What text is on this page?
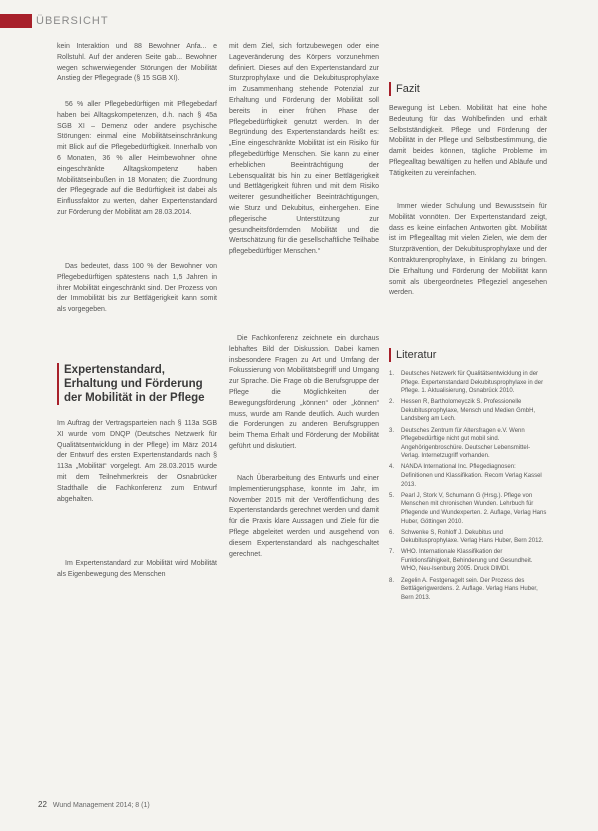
ÜBERSICHT

kein Interaktion und 88 Bewohner Anfa... e Rollstuhl. Auf der anderen Seite gab... Bewohner wegen schwerwiegender Störungen der Mobilität Anstieg der Pflegegrade (§ 15 SGB XI).

56 % aller Pflegebedürftigen mit Pflegebedarf haben bei Alltagskompetenzen, d.h. nach § 45a SGB XI – Demenz oder andere psychische Störungen: einmal eine Mobilitätseinschränkung mit Blick auf die Pflegebedürftigkeit. Innerhalb von 6 Monaten, 36 % aller Heimbewohner ohne eingeschränkte Alltagskompetenz haben Mobilitätseinbußen in 18 Monaten; die Zuordnung der Pflegegrade auf die Bedürftigkeit ist dabei als Einflussfaktor zu werten, daher Expertenstandard zur Förderung der Mobilität am 28.03.2014.

Das bedeutet, dass 100 % der Bewohner von Pflegebedürftigen spätestens nach 1,5 Jahren in ihrer Mobilität eingeschränkt sind. Der Prozess von der Immobilität bis zur Bettlägerigkeit kann somit als vorgegeben.

Expertenstandard, Erhaltung und Förderung der Mobilität in der Pflege

Im Auftrag der Vertragsparteien nach § 113a SGB XI wurde vom DNQP (Deutsches Netzwerk für Qualitätsentwicklung in der Pflege) im März 2014 der Entwurf des ersten Expertenstandards nach § 113a „Mobilität“ vorgelegt. Am 28.03.2015 wurde mit dem Teilnehmerkreis der Osnabrücker Stadthalle die Fachkonferenz zum Entwurf abgehalten.

Im Expertenstandard zur Mobilität wird Mobilität als Eigenbewegung des Menschen

mit dem Ziel, sich fortzubewegen oder eine Lageveränderung des Körpers vorzunehmen definiert. Dieses auf den Expertenstandard zur Sturzprophylaxe und die Dekubitusprophylaxe im Zusammenhang stehende Potenzial zur Erhaltung und Förderung der Mobilität soll bereits in einer frühen Phase der Pflegebedürftigkeit genutzt werden. In der Begründung des Expertenstandards heißt es: „Eine eingeschränkte Mobilität ist ein Risiko für pflegebedürftige Menschen. Sie kann zu einer erheblichen Beeinträchtigung der Lebensqualität bis hin zu einer Bettlägerigkeit und Bettlägerigkeit führen und mit dem Risiko weiterer gesundheitlicher Beeinträchtigungen, wie Sturz und Dekubitus, einhergehen. Eine pflegerische Unterstützung zur gesundheitsfördernden Mobilität und die Wertschätzung für die gesellschaftliche Teilhabe pflegebedürftiger Menschen.“

Die Fachkonferenz zeichnete ein durchaus lebhaftes Bild der Diskussion. Dabei kamen insbesondere Fragen zu Art und Umfang der Fokussierung von Mobilitätsbegriff und Umgang zur Sprache. Die Frage ob die Berufsgruppe der Pflege die Möglichkeiten der Bewegungsförderung „können“ oder „können“ muss, wurde am Rande deutlich. Auch wurden die Forderungen zu anderen Berufsgruppen beim Thema Erhalt und Förderung der Mobilität geführt und diskutiert.

Nach Überarbeitung des Entwurfs und einer Implementierungsphase, konnte im Jahr, im November 2015 mit der Veröffentlichung des Expertenstandards gerechnet werden und damit für die Praxis klare Aussagen und Ziele für die Pflege abgeleitet werden und ausgehend von diesem Expertenstandard als nachgeschaltet gerechnet.

Fazit

Bewegung ist Leben. Mobilität hat eine hohe Bedeutung für das Wohlbefinden und erhält Selbstständigkeit. Pflege und Förderung der Mobilität in der Pflege und Selbstbestimmung, die damit beides können, tägliche Probleme im Pflegealltag bewältigen zu helfen und Abläufe und Tätigkeiten zu vereinfachen.

Immer wieder Schulung und Bewusstsein für Mobilität vonnöten. Der Expertenstandard zeigt, dass es keine einfachen Antworten gibt. Mobilität ist im Pflegealltag mit vielen Zielen, wie dem der Sturzprävention, der Dekubitusprophylaxe und der Kontrakturenprophylaxe, in Einklang zu bringen. Die Erhaltung und Förderung der Mobilität kann somit als übergeordnetes Pflegeziel angesehen werden.

Literatur
1. Deutsches Netzwerk für Qualitätsentwicklung in der Pflege. Expertenstandard Dekubitusprophylaxe in der Pflege. 1. Aktualisierung, Osnabrück 2010.
2. Hessen R, Bartholomeyczik S. Professionelle Dekubitusprophylaxe, Mensch und Medien GmbH, Landsberg am Lech.
3. Deutsches Zentrum für Altersfragen e.V. Wenn Pflegebedürftige nicht gut mobil sind. Angehörigenbroschüre. Deutscher Lebensmittel-Verlag. Internetzugriff vorhanden.
4. NANDA International Inc. Pflegediagnosen: Definitionen und Klassifikation. Recom Verlag Kassel 2013.
5. Pearl J, Stork V, Schumann G (Hrsg.). Pflege von Menschen mit chronischen Wunden. Lehrbuch für Pflegende und Wundexperten. 2. Auflage, Verlag Hans Huber, Göttingen 2010.
6. Schwenke S, Rohloff J. Dekubitus und Dekubitusprophylaxe. Verlag Hans Huber, Bern 2012.
7. WHO. Internationale Klassifikation der Funktionsfähigkeit, Behinderung und Gesundheit. WHO, Neu-Isenburg 2005. Druck DIMDI.
8. Zegelin A. Festgenagelt sein. Der Prozess des Bettlägerigwerdens. 2. Auflage. Verlag Hans Huber, Bern 2013.
22 Wund Management 2014; 8 (1)
